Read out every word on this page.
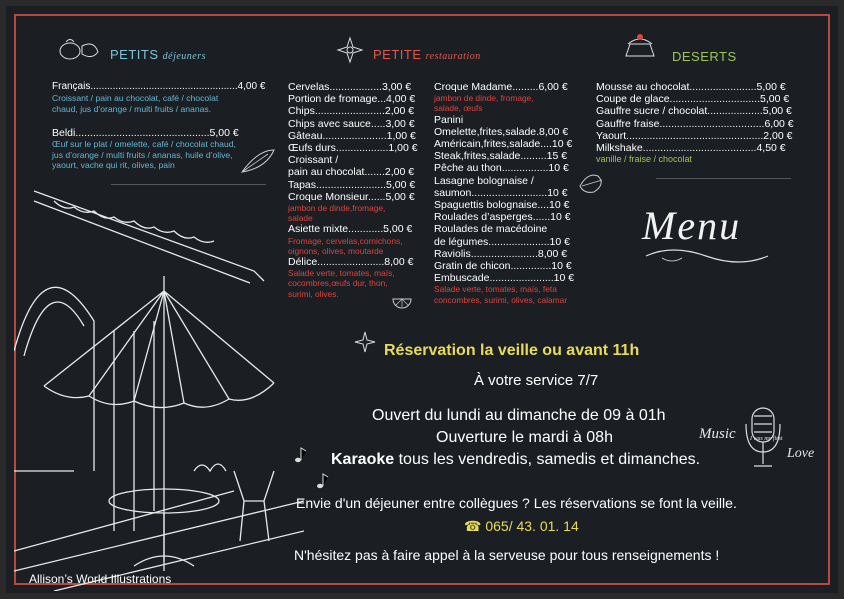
PETITS déjeuners	PETITE restauration	DESERTS
Français.....................................................4,00 €
Croissant / pain au chocolat, café / chocolat
chaud, jus d’orange / multi fruits / ananas.
Beldi..............................................5,00 €
Œuf sur le plat / omelette, café / chocolat chaud,
jus d’orange / multi fruits / ananas, huile d’olive,
yaourt, vache qui rit, olives, pain
Cervelas..................3,00 €
Portion de fromage...4,00 €
Chips........................2,00 €
Chips avec sauce.....3,00 €
Gâteau......................1,00 €
Œufs durs..................1,00 €
Croissant /
pain au chocolat.......2,00 €
Tapas........................5,00 €
Croque Monsieur......5,00 €
jambon de dinde,fromage,
salade
Asiette mixte............5,00 €
Fromage, cervelas,cornichons,
oignons, olives, moutarde
Délice.......................8,00 €
Salade verte, tomates, maïs,
cocombres,œufs dur, thon,
surimi, olives.
Croque Madame.........6,00 €
jambon de dinde, fromage,
salade, œufs
Panini
Omelette,frites,salade.8,00 €
Américain,frites,salade....10 €
Steak,frites,salade.........15 €
Pêche au thon................10 €
Lasagne bolognaise /
saumon..........................10 €
Spaguettis bolognaise....10 €
Roulades d’asperges......10 €
Roulades de macédoine
de légumes.....................10 €
Raviolis.......................8,00 €
Gratin de chicon..............10 €
Embuscade......................10 €
Salade verte, tomates, maïs, feta
concombres, surimi, olives, calamar
Mousse au chocolat.......................5,00 €
Coupe de glace...............................5,00 €
Gauffre sucre / chocolat...................5,00 €
Gauffre fraise....................................6,00 €
Yaourt...............................................2,00 €
Milkshake.......................................4,50 €
vanille / fraise / chocolat
Menu
Réservation la veille ou avant 11h
À votre service 7/7
Ouvert du lundi au dimanche de 09 à 01h
Ouverture le mardi à 08h
Karaoke tous les vendredis, samedis et dimanches.
Envie d'un déjeuner entre collègues ? Les réservations se font la veille.
☎ 065/ 43. 01. 14
N'hésitez pas à faire appel à la serveuse pour tous renseignements !
Music I was my first
Love
Allison’s World Illustrations
